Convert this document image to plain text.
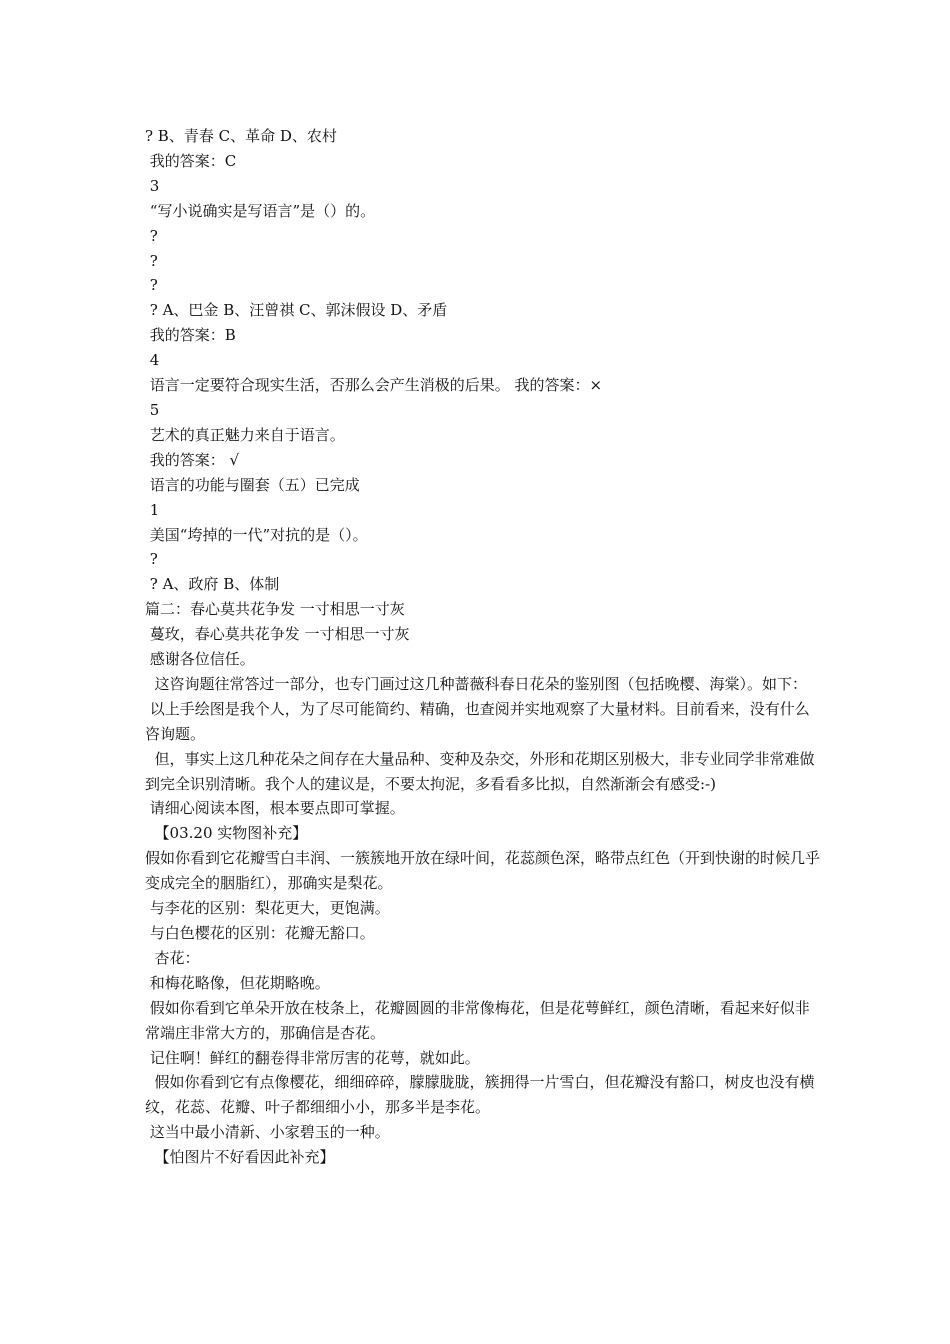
? B、青春 C、革命 D、农村

我的答案：C

3

“写小说确实是写语言”是（）的。

?

?

?

? A、巴金 B、汪曾祺 C、郭沫假设 D、矛盾

我的答案：B

4

语言一定要符合现实生活，否那么会产生消极的后果。 我的答案：×

5

艺术的真正魅力来自于语言。

我的答案： √

语言的功能与圈套（五）已完成

1

美国“垮掉的一代”对抗的是（）。

?

? A、政府 B、体制

篇二：春心莫共花争发 一寸相思一寸灰

蔓玫，春心莫共花争发 一寸相思一寸灰

感谢各位信任。

这咨询题往常答过一部分，也专门画过这几种蔷薇科春日花朵的鉴别图（包括晚樱、海棠）。如下：

以上手绘图是我个人，为了尽可能简约、精确，也查阅并实地观察了大量材料。目前看来，没有什么咨询题。

但，事实上这几种花朵之间存在大量品种、变种及杂交，外形和花期区别极大，非专业同学非常难做到完全识别清晰。我个人的建议是，不要太拘泥，多看看多比拟，自然渐渐会有感受:-)

请细心阅读本图，根本要点即可掌握。

【03.20 实物图补充】

假如你看到它花瓣雪白丰润、一簇簇地开放在绿叶间，花蕊颜色深，略带点红色（开到快谢的时候几乎变成完全的胭脂红），那确实是梨花。

与李花的区别：梨花更大，更饱满。

与白色樱花的区别：花瓣无豁口。

杏花：

和梅花略像，但花期略晚。

假如你看到它单朵开放在枝条上，花瓣圆圆的非常像梅花，但是花萼鲜红，颜色清晰，看起来好似非常端庄非常大方的，那确信是杏花。

记住啊！鲜红的翻卷得非常厉害的花萼，就如此。

假如你看到它有点像樱花，细细碎碎，朦朦胧胧，簇拥得一片雪白，但花瓣没有豁口，树皮也没有横纹，花蕊、花瓣、叶子都细细小小，那多半是李花。

这当中最小清新、小家碧玉的一种。

【怕图片不好看因此补充】
